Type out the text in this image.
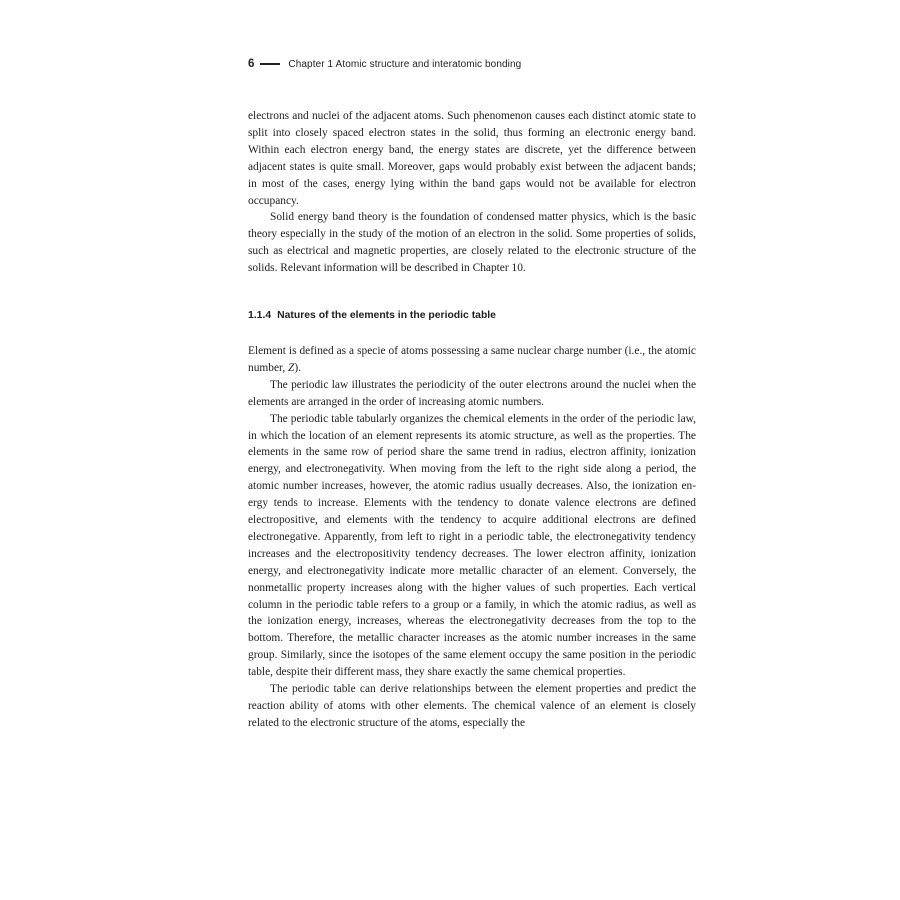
6	Chapter 1 Atomic structure and interatomic bonding

electrons and nuclei of the adjacent atoms. Such phenomenon causes each distinct atomic state to split into closely spaced electron states in the solid, thus forming an electronic energy band. Within each electron energy band, the energy states are discrete, yet the difference between adjacent states is quite small. Moreover, gaps would probably exist between the adjacent bands; in most of the cases, energy lying within the band gaps would not be available for electron occupancy.

Solid energy band theory is the foundation of condensed matter physics, which is the basic theory especially in the study of the motion of an electron in the solid. Some properties of solids, such as electrical and magnetic properties, are closely related to the electronic structure of the solids. Relevant information will be described in Chapter 10.

1.1.4 Natures of the elements in the periodic table

Element is defined as a specie of atoms possessing a same nuclear charge number (i.e., the atomic number, Z).

The periodic law illustrates the periodicity of the outer electrons around the nuclei when the elements are arranged in the order of increasing atomic numbers.

The periodic table tabularly organizes the chemical elements in the order of the periodic law, in which the location of an element represents its atomic structure, as well as the properties. The elements in the same row of period share the same trend in radius, electron affinity, ionization energy, and electronegativity. When moving from the left to the right side along a period, the atomic number increases, however, the atomic radius usually decreases. Also, the ionization energy tends to increase. Elements with the tendency to donate valence electrons are defined electropositive, and elements with the tendency to acquire additional electrons are defined electronegative. Apparently, from left to right in a periodic table, the electronegativity tendency increases and the electropositivity tendency decreases. The lower electron affinity, ionization energy, and electronegativity indicate more metallic character of an element. Conversely, the nonmetallic property increases along with the higher values of such properties. Each vertical column in the periodic table refers to a group or a family, in which the atomic radius, as well as the ionization energy, increases, whereas the electronegativity decreases from the top to the bottom. Therefore, the metallic character increases as the atomic number increases in the same group. Similarly, since the isotopes of the same element occupy the same position in the periodic table, despite their different mass, they share exactly the same chemical properties.

The periodic table can derive relationships between the element properties and predict the reaction ability of atoms with other elements. The chemical valence of an element is closely related to the electronic structure of the atoms, especially the
